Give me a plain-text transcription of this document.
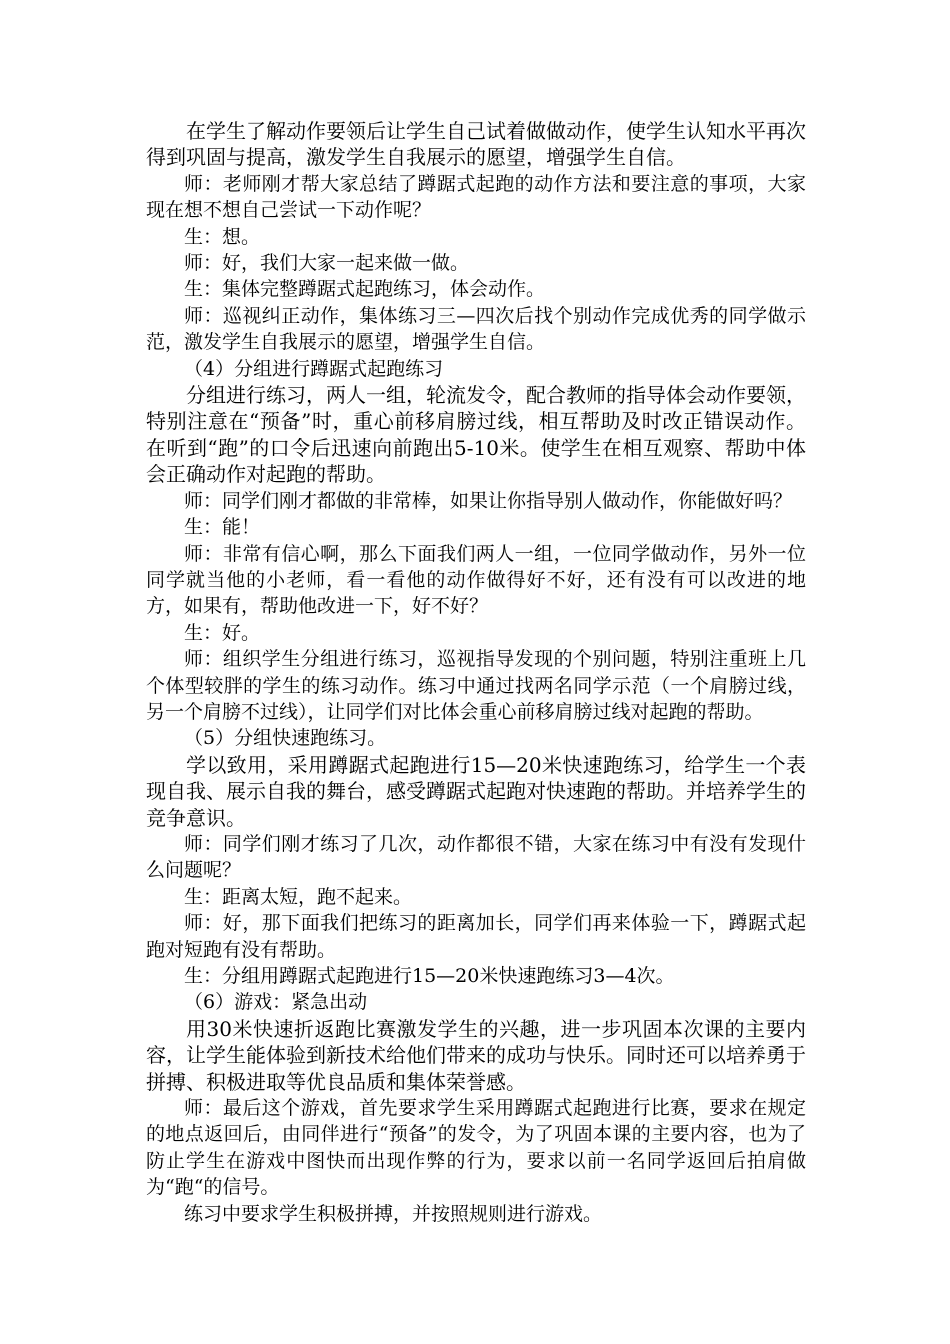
在学生了解动作要领后让学生自己试着做做动作，使学生认知水平再次得到巩固与提高，激发学生自我展示的愿望，增强学生自信。

师：老师刚才帮大家总结了蹲踞式起跑的动作方法和要注意的事项，大家现在想不想自己尝试一下动作呢？

生：想。

师：好，我们大家一起来做一做。

生：集体完整蹲踞式起跑练习，体会动作。

师：巡视纠正动作，集体练习三—四次后找个别动作完成优秀的同学做示范，激发学生自我展示的愿望，增强学生自信。

（4）分组进行蹲踞式起跑练习

分组进行练习，两人一组，轮流发令，配合教师的指导体会动作要领，特别注意在“预备”时，重心前移肩膀过线，相互帮助及时改正错误动作。在听到“跑”的口令后迅速向前跑出5-10米。使学生在相互观察、帮助中体会正确动作对起跑的帮助。

师：同学们刚才都做的非常棒，如果让你指导别人做动作，你能做好吗？

生：能！

师：非常有信心啊，那么下面我们两人一组，一位同学做动作，另外一位同学就当他的小老师，看一看他的动作做得好不好，还有没有可以改进的地方，如果有，帮助他改进一下，好不好？

生：好。

师：组织学生分组进行练习，巡视指导发现的个别问题，特别注重班上几个体型较胖的学生的练习动作。练习中通过找两名同学示范（一个肩膀过线，另一个肩膀不过线），让同学们对比体会重心前移肩膀过线对起跑的帮助。

（5）分组快速跑练习。

学以致用，采用蹲踞式起跑进行15—20米快速跑练习，给学生一个表现自我、展示自我的舞台，感受蹲踞式起跑对快速跑的帮助。并培养学生的竞争意识。

师：同学们刚才练习了几次，动作都很不错，大家在练习中有没有发现什么问题呢？

生：距离太短，跑不起来。

师：好，那下面我们把练习的距离加长，同学们再来体验一下，蹲踞式起跑对短跑有没有帮助。

生：分组用蹲踞式起跑进行15—20米快速跑练习3—4次。

（6）游戏：紧急出动

用30米快速折返跑比赛激发学生的兴趣，进一步巩固本次课的主要内容，让学生能体验到新技术给他们带来的成功与快乐。同时还可以培养勇于拼搏、积极进取等优良品质和集体荣誉感。

师：最后这个游戏，首先要求学生采用蹲踞式起跑进行比赛，要求在规定的地点返回后，由同伴进行“预备”的发令，为了巩固本课的主要内容，也为了防止学生在游戏中图快而出现作弊的行为，要求以前一名同学返回后拍肩做为“跑“的信号。

练习中要求学生积极拼搏，并按照规则进行游戏。
